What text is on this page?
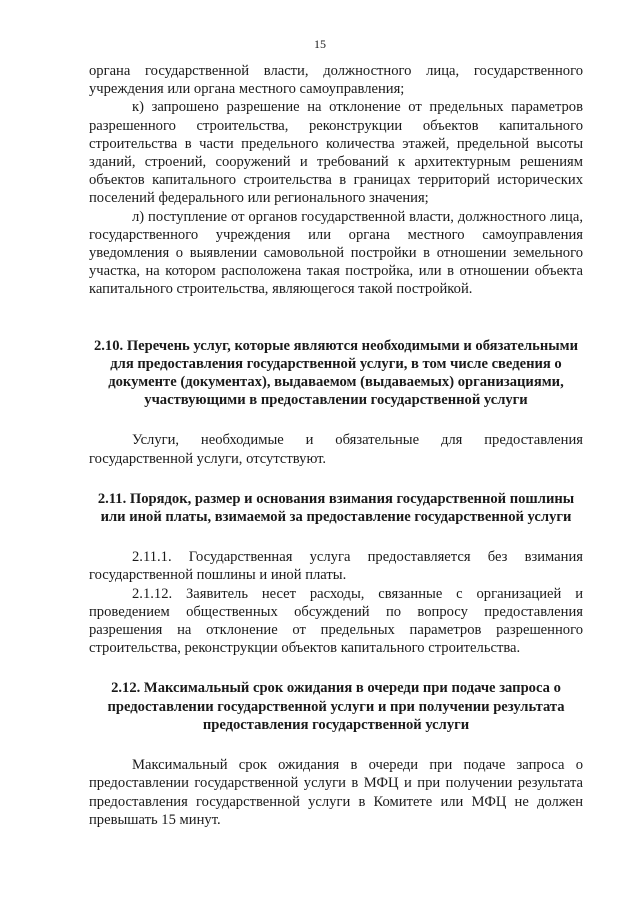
15

органа государственной власти, должностного лица, государственного учреждения или органа местного самоуправления;

к) запрошено разрешение на отклонение от предельных параметров разрешенного строительства, реконструкции объектов капитального строительства в части предельного количества этажей, предельной высоты зданий, строений, сооружений и требований к архитектурным решениям объектов капитального строительства в границах территорий исторических поселений федерального или регионального значения;

л) поступление от органов государственной власти, должностного лица, государственного учреждения или органа местного самоуправления уведомления о выявлении самовольной постройки в отношении земельного участка, на котором расположена такая постройка, или в отношении объекта капитального строительства, являющегося такой постройкой.

2.10. Перечень услуг, которые являются необходимыми и обязательными для предоставления государственной услуги, в том числе сведения о документе (документах), выдаваемом (выдаваемых) организациями, участвующими в предоставлении государственной услуги

Услуги, необходимые и обязательные для предоставления государственной услуги, отсутствуют.

2.11. Порядок, размер и основания взимания государственной пошлины или иной платы, взимаемой за предоставление государственной услуги

2.11.1. Государственная услуга предоставляется без взимания государственной пошлины и иной платы.

2.1.12. Заявитель несет расходы, связанные с организацией и проведением общественных обсуждений по вопросу предоставления разрешения на отклонение от предельных параметров разрешенного строительства, реконструкции объектов капитального строительства.

2.12. Максимальный срок ожидания в очереди при подаче запроса о предоставлении государственной услуги и при получении результата предоставления государственной услуги

Максимальный срок ожидания в очереди при подаче запроса о предоставлении государственной услуги в МФЦ и при получении результата предоставления государственной услуги в Комитете или МФЦ не должен превышать 15 минут.
